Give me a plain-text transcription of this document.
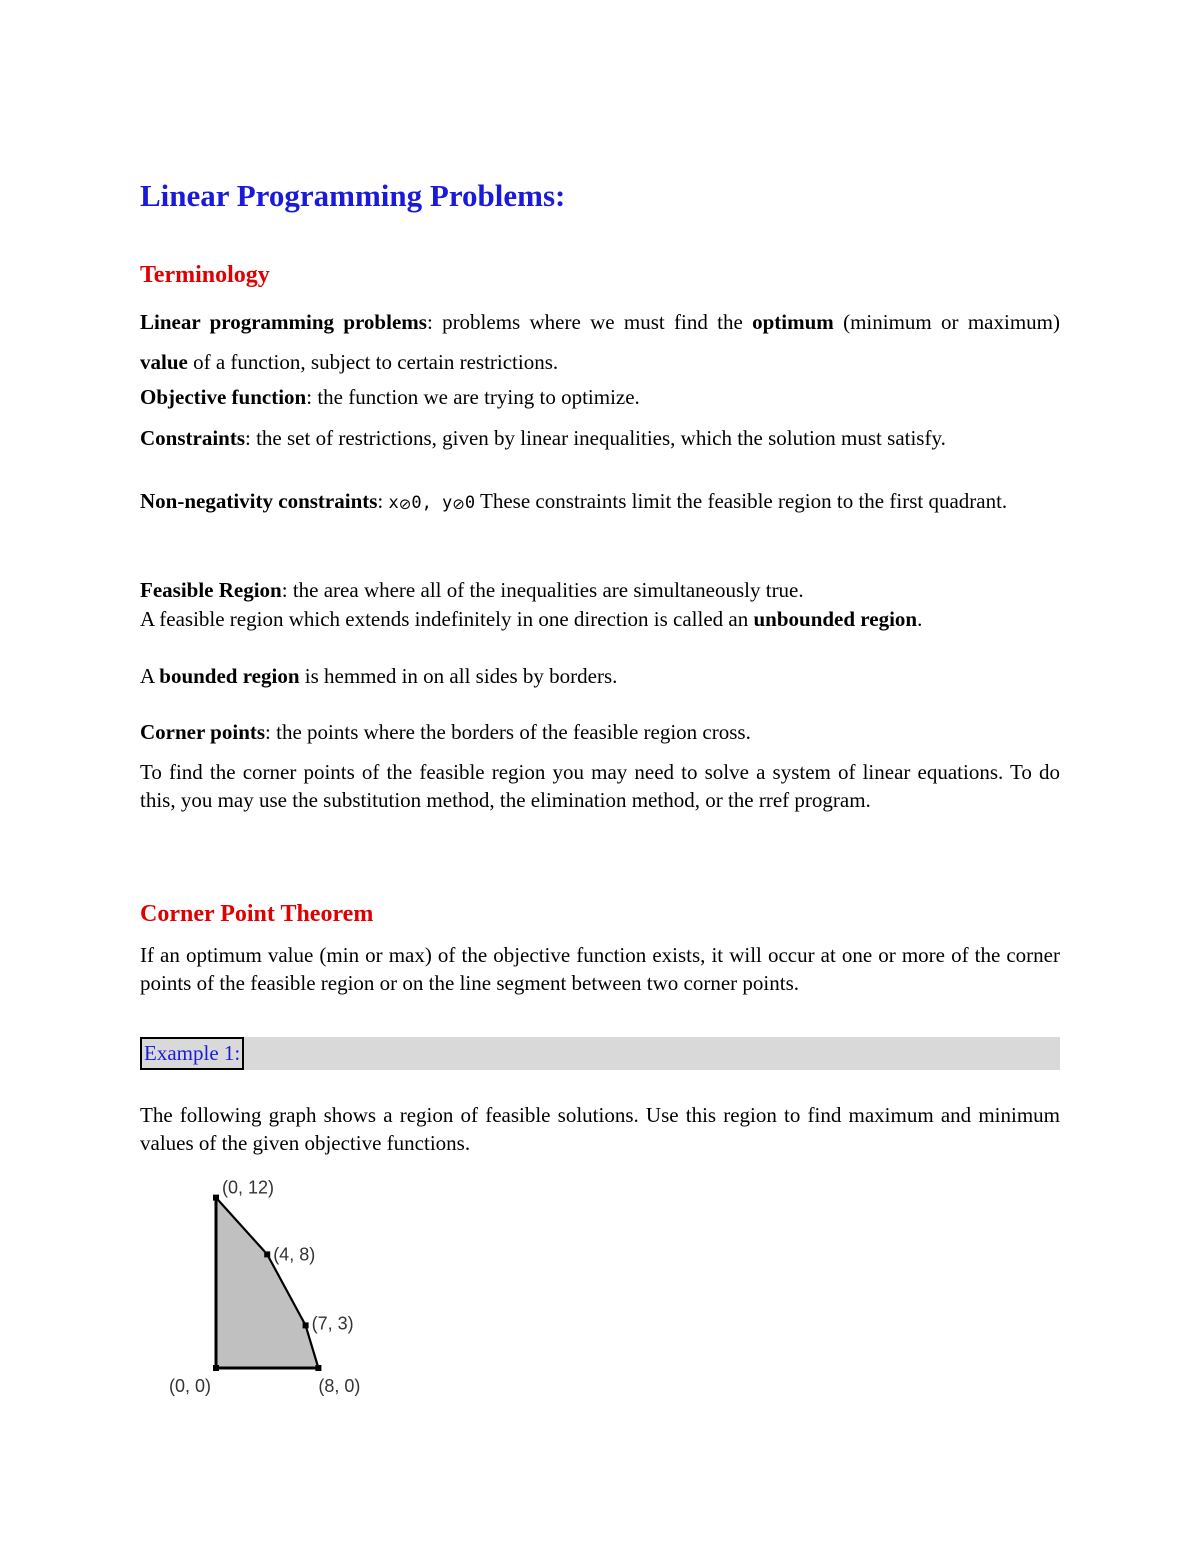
Linear Programming Problems:
Terminology
Linear programming problems: problems where we must find the optimum (minimum or maximum) value of a function, subject to certain restrictions.
Objective function: the function we are trying to optimize.
Constraints: the set of restrictions, given by linear inequalities, which the solution must satisfy.
Non-negativity constraints: x⊘0, y⊘0 These constraints limit the feasible region to the first quadrant.
Feasible Region: the area where all of the inequalities are simultaneously true.
A feasible region which extends indefinitely in one direction is called an unbounded region.
A bounded region is hemmed in on all sides by borders.
Corner points: the points where the borders of the feasible region cross.
To find the corner points of the feasible region you may need to solve a system of linear equations. To do this, you may use the substitution method, the elimination method, or the rref program.
Corner Point Theorem
If an optimum value (min or max) of the objective function exists, it will occur at one or more of the corner points of the feasible region or on the line segment between two corner points.
Example 1:
The following graph shows a region of feasible solutions. Use this region to find maximum and minimum values of the given objective functions.
(0, 0)	(8, 0)
(7, 3)
(4, 8)
(0, 12)
